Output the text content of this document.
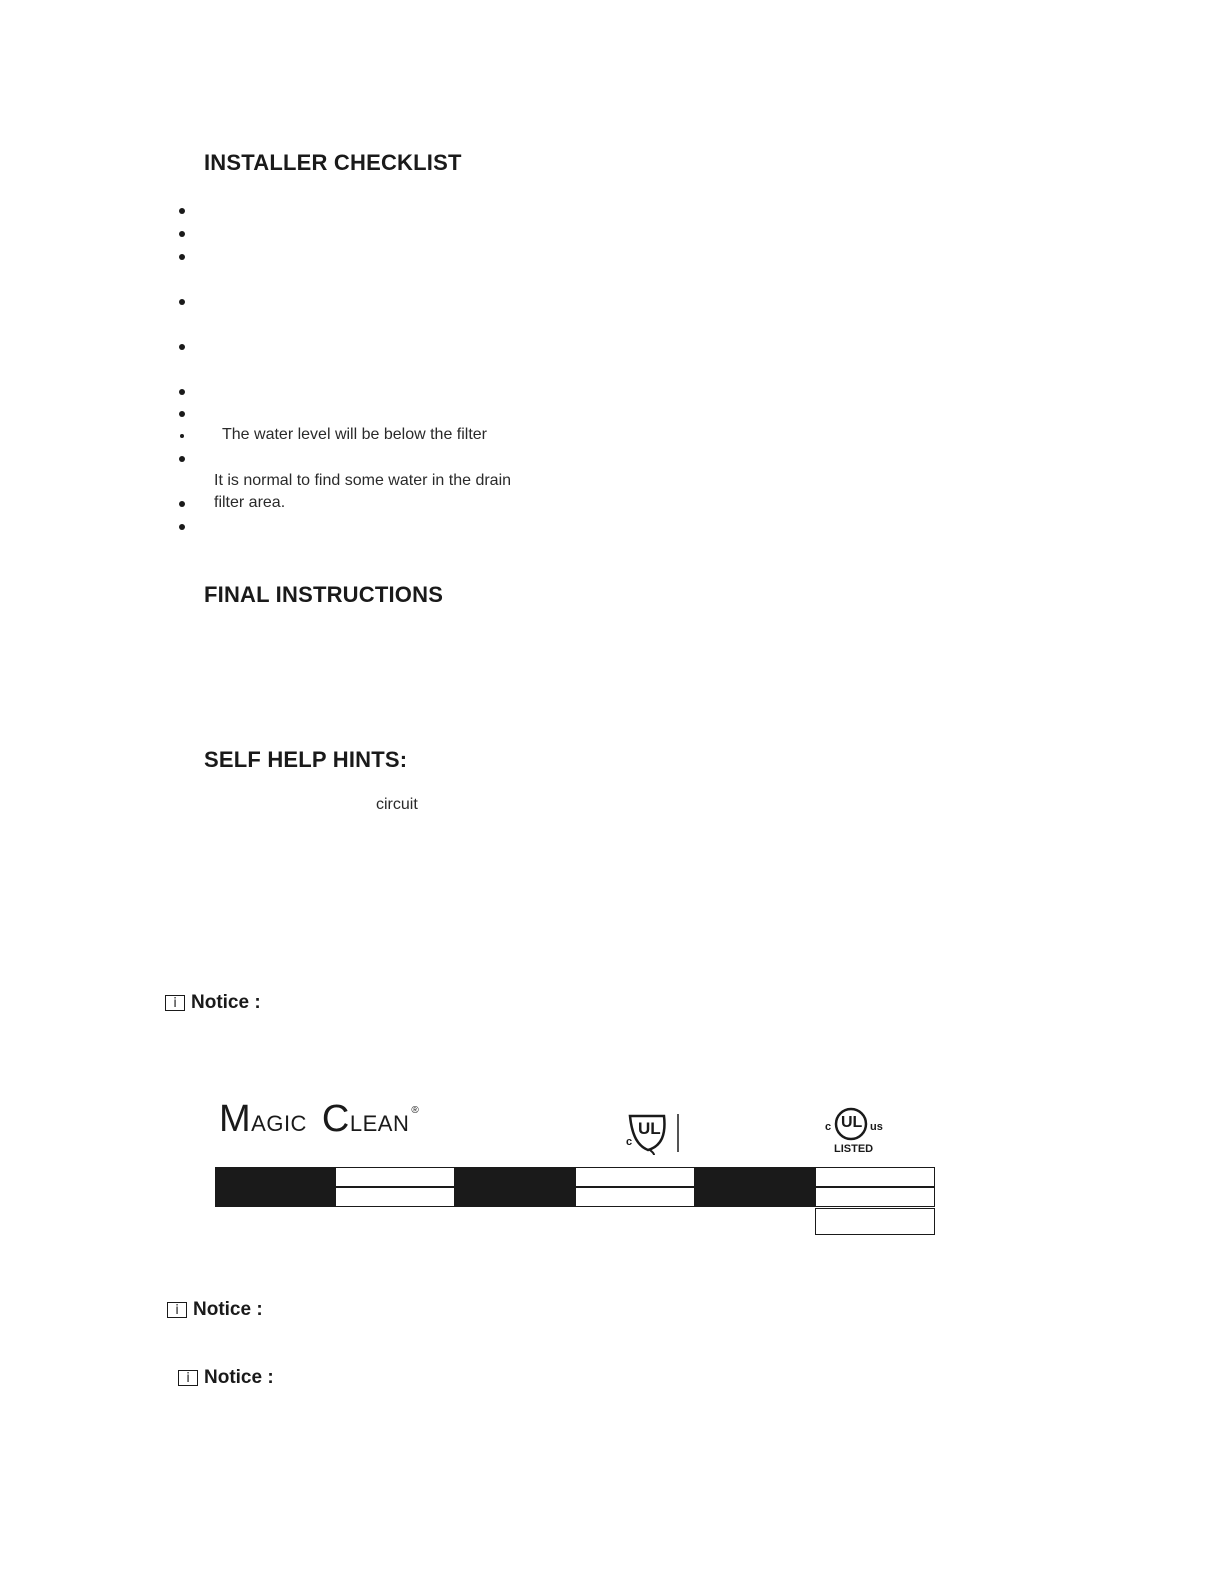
INSTALLER CHECKLIST
The water level will be below the filter
It is normal to find some water in the drain
filter area.
FINAL INSTRUCTIONS
SELF HELP HINTS:
circuit
i Notice :
MAGIC CLEAN®
UL
c
UL
c	us
LISTED
i Notice :
i Notice :
